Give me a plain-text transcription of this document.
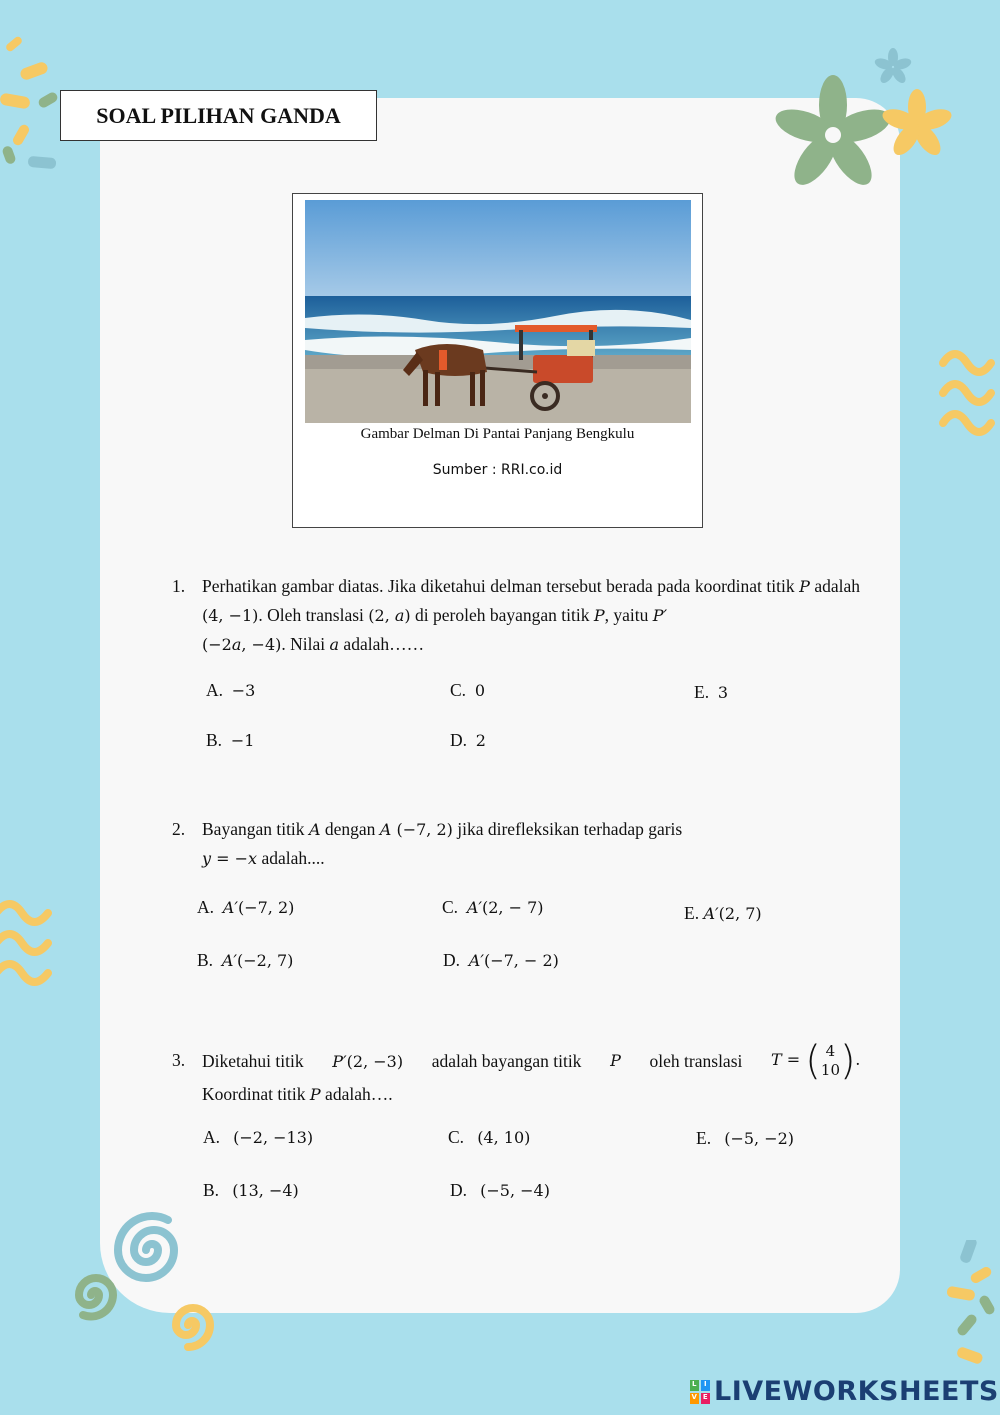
SOAL PILIHAN GANDA
Gambar Delman Di Pantai Panjang Bengkulu
Sumber : RRI.co.id
1. Perhatikan gambar diatas. Jika diketahui delman tersebut berada pada koordinat titik P adalah (4, −1). Oleh translasi (2, a) di peroleh bayangan titik P, yaitu P′
(−2a, −4). Nilai a adalah……
A. −3
B. −1
C. 0
D. 2
E. 3
2. Bayangan titik A dengan A (−7, 2) jika direfleksikan terhadap garis
y = −x adalah....
A. A′(−7, 2)
B. A′(−2, 7)
C. A′(2, − 7)
D. A′(−7, − 2)
E. A′(2, 7)
3. Diketahui titik P′(2, −3) adalah bayangan titik P oleh translasi T = ( 4
10 ) .
Koordinat titik P adalah….
A. (−2, −13)
B. (13, −4)
C. (4, 10)
D. (−5, −4)
E. (−5, −2)
L I
V E LIVEWORKSHEETS
